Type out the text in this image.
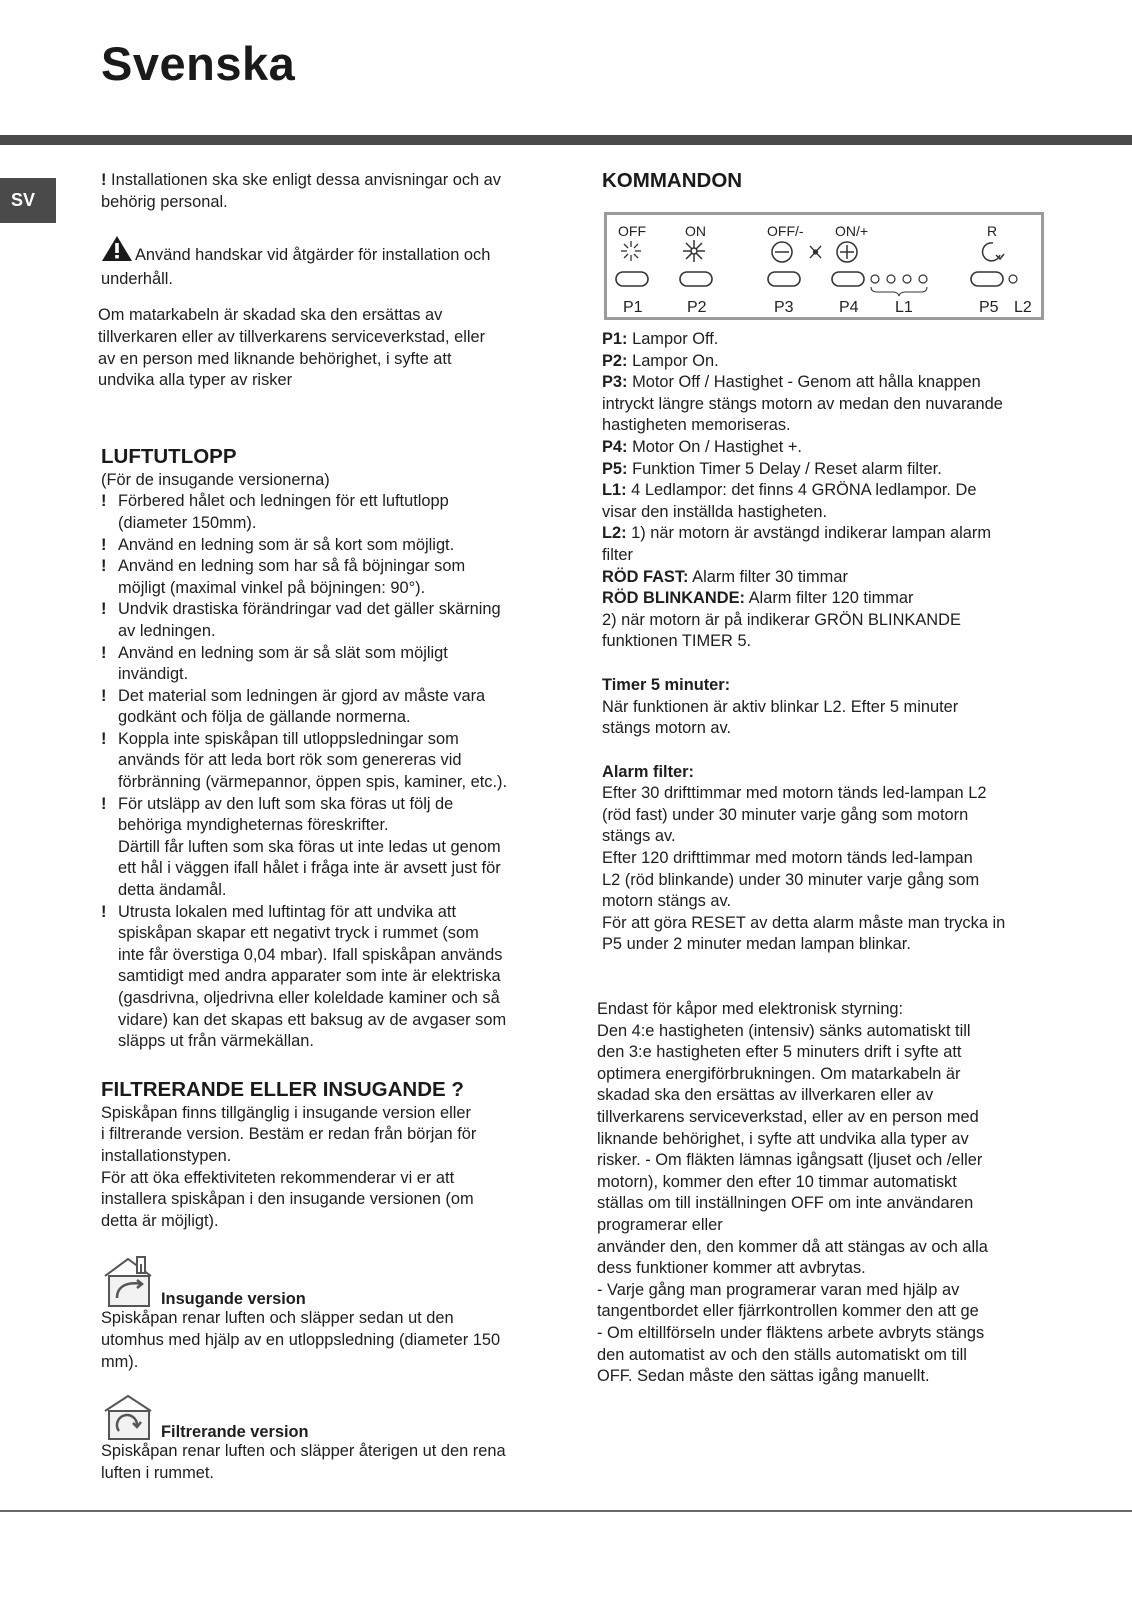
Svenska
SV

! Installationen ska ske enligt dessa anvisningar och av
behörig personal.

Använd handskar vid åtgärder för installation och
underhåll.

Om matarkabeln är skadad ska den ersättas av
tillverkaren eller av tillverkarens serviceverkstad, eller
av en person med liknande behörighet, i syfte att
undvika alla typer av risker

LUFTUTLOPP

(För de insugande versionerna)

! Förbered hålet och ledningen för ett luftutlopp
(diameter 150mm).
! Använd en ledning som är så kort som möjligt.
! Använd en ledning som har så få böjningar som
möjligt (maximal vinkel på böjningen: 90°).
! Undvik drastiska förändringar vad det gäller skärning
av ledningen.
! Använd en ledning som är så slät som möjligt
invändigt.
! Det material som ledningen är gjord av måste vara
godkänt och följa de gällande normerna.
! Koppla inte spiskåpan till utloppsledningar som
används för att leda bort rök som genereras vid
förbränning (värmepannor, öppen spis, kaminer, etc.).
! För utsläpp av den luft som ska föras ut följ de
behöriga myndigheternas föreskrifter.
Därtill får luften som ska föras ut inte ledas ut genom
ett hål i väggen ifall hålet i fråga inte är avsett just för
detta ändamål.
! Utrusta lokalen med luftintag för att undvika att
spiskåpan skapar ett negativt tryck i rummet (som
inte får överstiga 0,04 mbar). Ifall spiskåpan används
samtidigt med andra apparater som inte är elektriska
(gasdrivna, oljedrivna eller koleldade kaminer och så
vidare) kan det skapas ett baksug av de avgaser som
släpps ut från värmekällan.
FILTRERANDE ELLER INSUGANDE ?

Spiskåpan finns tillgänglig i insugande version eller
i filtrerande version. Bestäm er redan från början för
installationstypen.
För att öka effektiviteten rekommenderar vi er att
installera spiskåpan i den insugande versionen (om
detta är möjligt).

Insugande version

Spiskåpan renar luften och släpper sedan ut den
utomhus med hjälp av en utloppsledning (diameter 150
mm).

Filtrerande version

Spiskåpan renar luften och släpper återigen ut den rena
luften i rummet.

KOMMANDON
OFF	ON	OFF/- ON/+	R
P1	P2	P3	P4 L1	P5 L2

P1: Lampor Off.

P2: Lampor On.

P3: Motor Off / Hastighet - Genom att hålla knappen
intryckt längre stängs motorn av medan den nuvarande
hastigheten memoriseras.

P4: Motor On / Hastighet +.

P5: Funktion Timer 5 Delay / Reset alarm filter.

L1: 4 Ledlampor: det finns 4 GRÖNA ledlampor. De
visar den inställda hastigheten.

L2: 1) när motorn är avstängd indikerar lampan alarm
filter

RÖD FAST: Alarm filter 30 timmar

RÖD BLINKANDE: Alarm filter 120 timmar

2) när motorn är på indikerar GRÖN BLINKANDE
funktionen TIMER 5.

Timer 5 minuter:

När funktionen är aktiv blinkar L2. Efter 5 minuter
stängs motorn av.

Alarm filter:

Efter 30 drifttimmar med motorn tänds led-lampan L2
(röd fast) under 30 minuter varje gång som motorn
stängs av.
Efter 120 drifttimmar med motorn tänds led-lampan
L2 (röd blinkande) under 30 minuter varje gång som
motorn stängs av.
För att göra RESET av detta alarm måste man trycka in
P5 under 2 minuter medan lampan blinkar.

Endast för kåpor med elektronisk styrning:
Den 4:e hastigheten (intensiv) sänks automatiskt till
den 3:e hastigheten efter 5 minuters drift i syfte att
optimera energiförbrukningen. Om matarkabeln är
skadad ska den ersättas av illverkaren eller av
tillverkarens serviceverkstad, eller av en person med
liknande behörighet, i syfte att undvika alla typer av
risker. - Om fläkten lämnas igångsatt (ljuset och /eller
motorn), kommer den efter 10 timmar automatiskt
ställas om till inställningen OFF om inte användaren
programerar eller
använder den, den kommer då att stängas av och alla
dess funktioner kommer att avbrytas.
- Varje gång man programerar varan med hjälp av
tangentbordet eller fjärrkontrollen kommer den att ge
- Om eltillförseln under fläktens arbete avbryts stängs
den automatist av och den ställs automatiskt om till
OFF. Sedan måste den sättas igång manuellt.
